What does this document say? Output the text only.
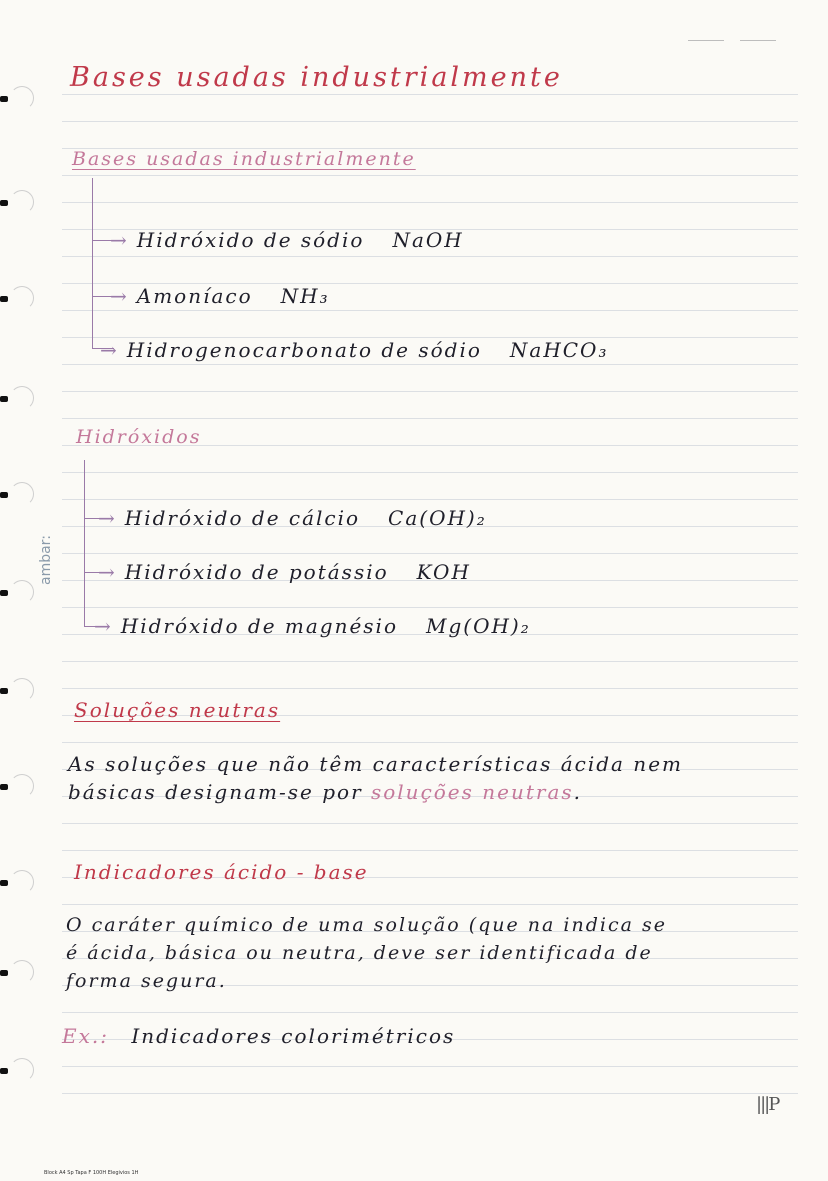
Bases usadas industrialmente
Bases usadas industrialmente
→ Hidróxido de sódio NaOH
→ Amoníaco NH₃
→ Hidrogenocarbonato de sódio NaHCO₃
Hidróxidos
→ Hidróxido de cálcio Ca(OH)₂
→ Hidróxido de potássio KOH
→ Hidróxido de magnésio Mg(OH)₂
ambar:
Soluções neutras
As soluções que não têm características ácida nem
básicas designam-se por soluções neutras.
Indicadores ácido - base
O caráter químico de uma solução (que na indica se
é ácida, básica ou neutra, deve ser identificada de
forma segura.
Ex.: Indicadores colorimétricos
|||P
Block A4 Sp Tapa F 100H Elegivios 1H
